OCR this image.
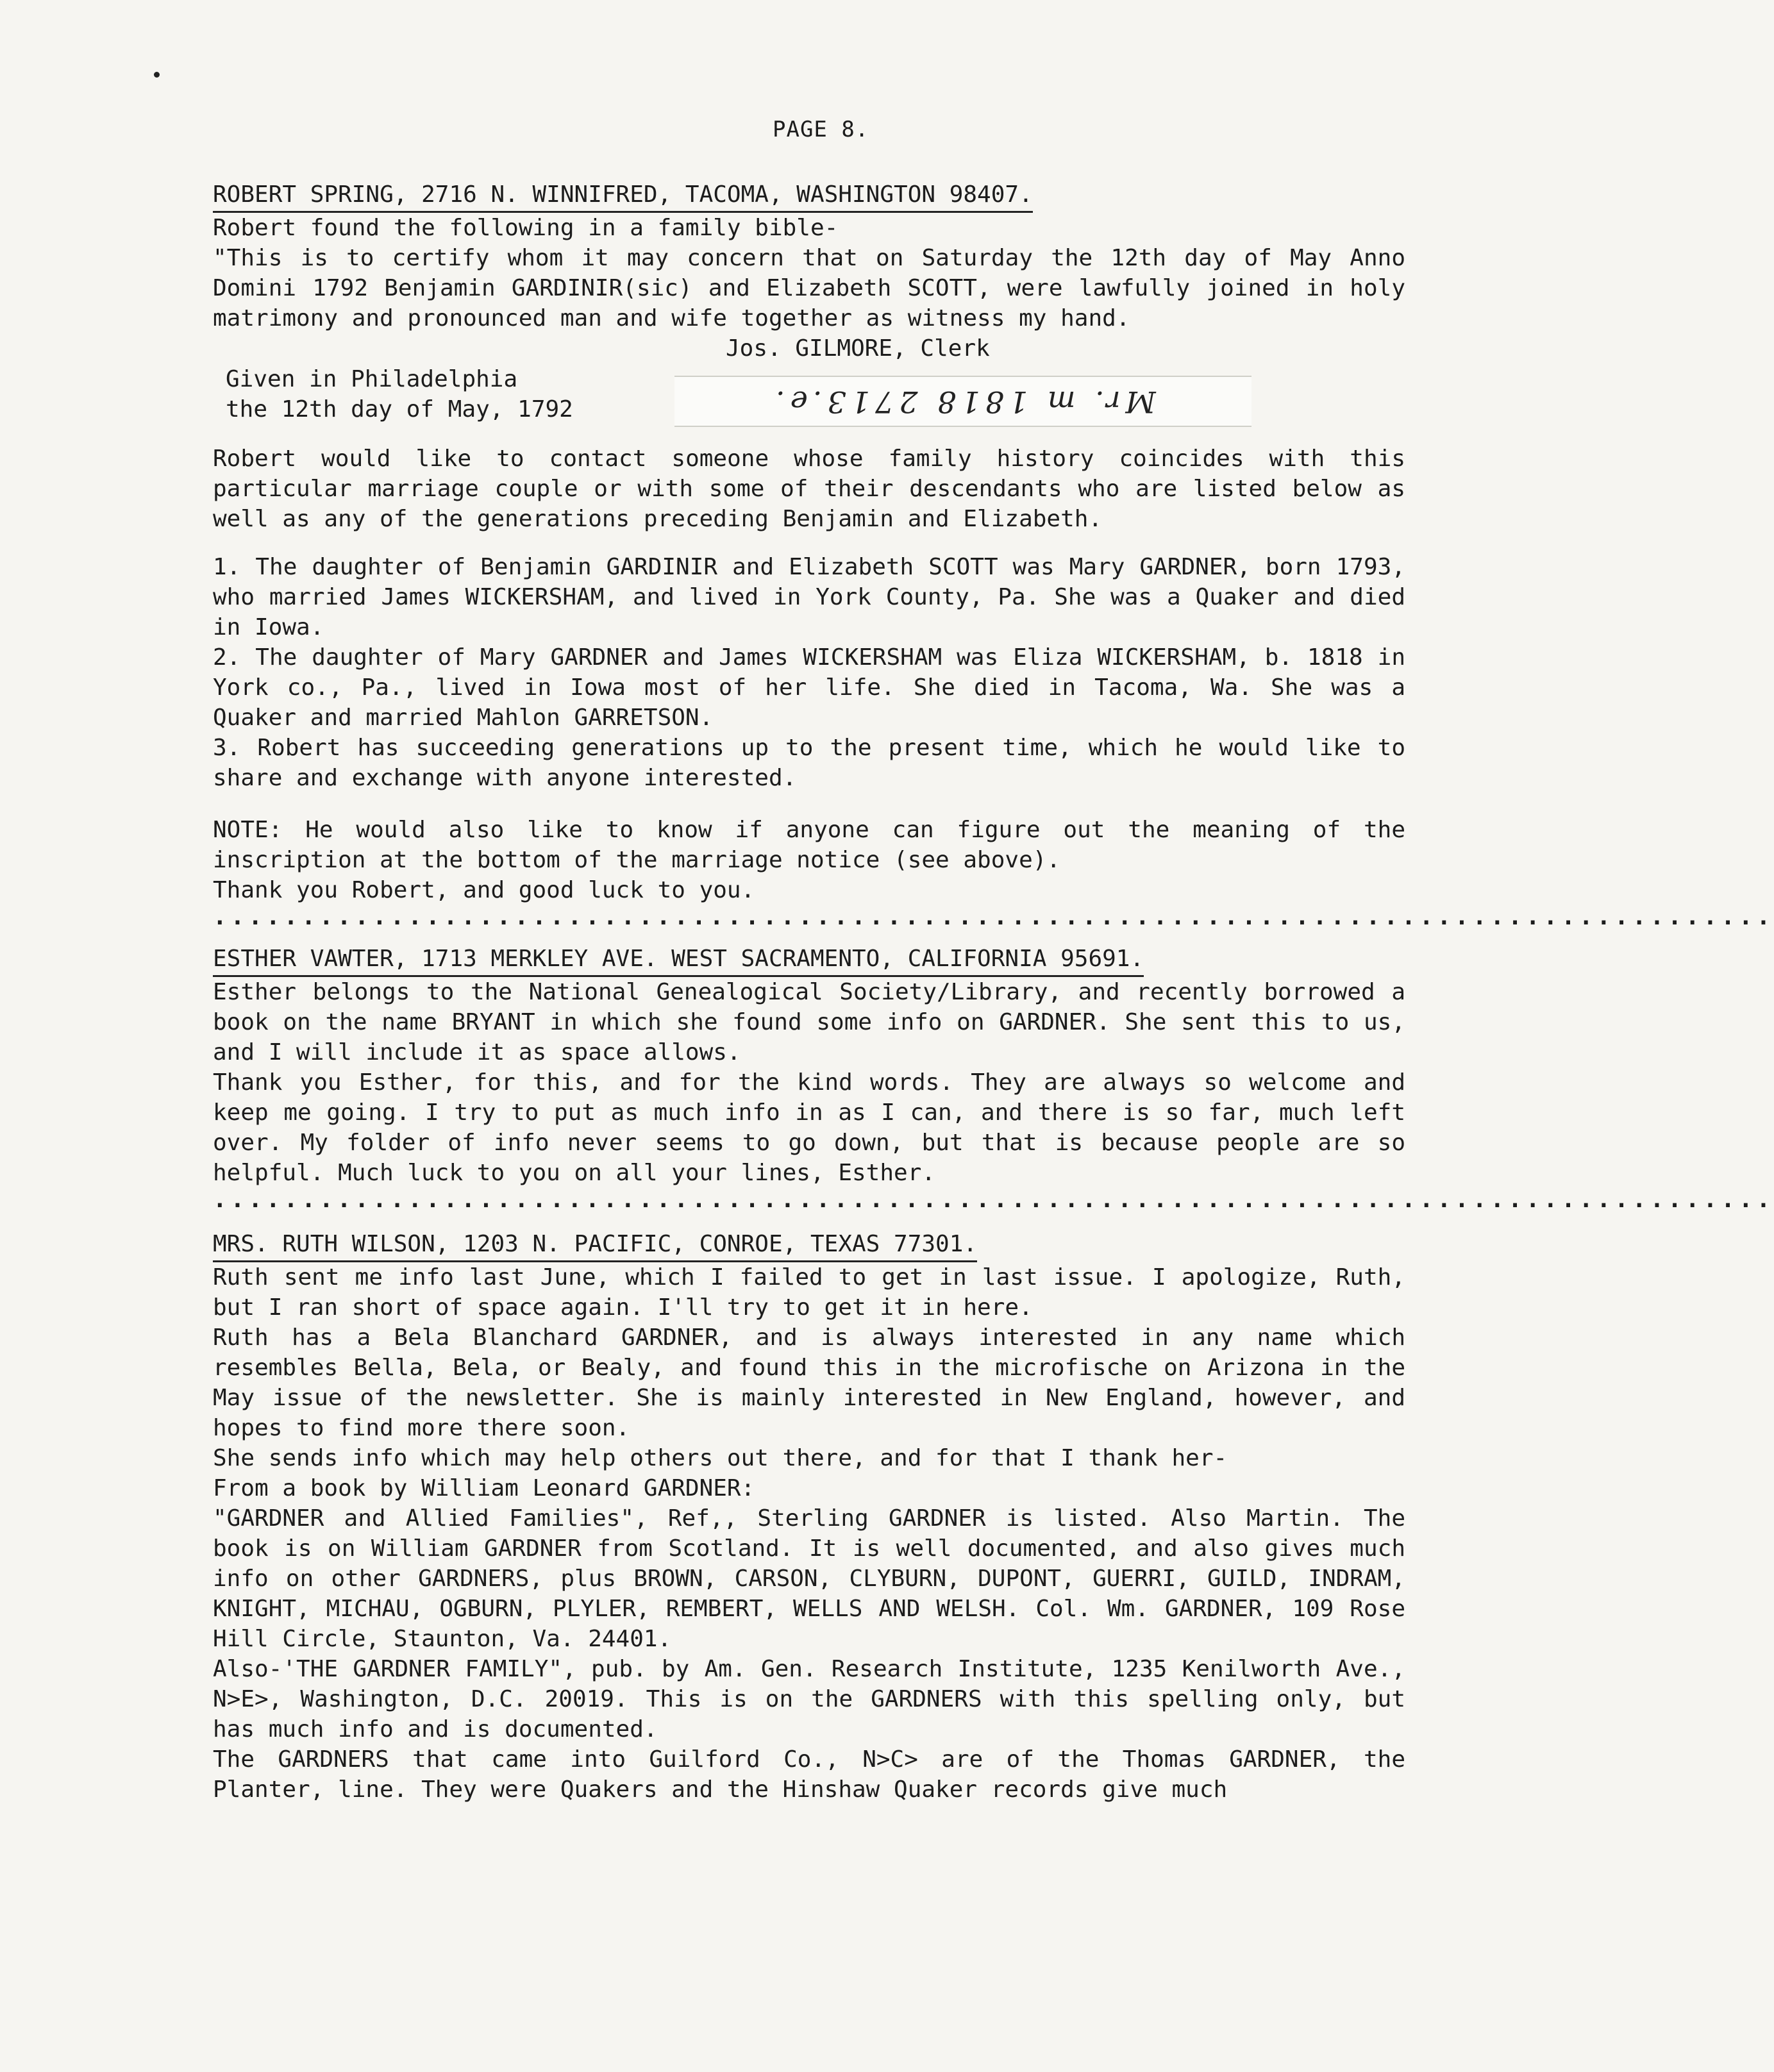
PAGE 8.
ROBERT SPRING, 2716 N. WINNIFRED, TACOMA, WASHINGTON 98407.

Robert found the following in a family bible-

"This is to certify whom it may concern that on Saturday the 12th day of May Anno Domini 1792 Benjamin GARDINIR(sic) and Elizabeth SCOTT, were lawfully joined in holy matrimony and pronounced man and wife together as witness my hand.

Jos. GILMORE, Clerk
Given in Philadelphia
the 12th day of May, 1792	Mr. m 1818 2713.e.

Robert would like to contact someone whose family history coincides with this particular marriage couple or with some of their descendants who are listed below as well as any of the generations preceding Benjamin and Elizabeth.

1. The daughter of Benjamin GARDINIR and Elizabeth SCOTT was Mary GARDNER, born 1793, who married James WICKERSHAM, and lived in York County, Pa. She was a Quaker and died in Iowa.

2. The daughter of Mary GARDNER and James WICKERSHAM was Eliza WICKERSHAM, b. 1818 in York co., Pa., lived in Iowa most of her life. She died in Tacoma, Wa. She was a Quaker and married Mahlon GARRETSON.

3. Robert has succeeding generations up to the present time, which he would like to share and exchange with anyone interested.

NOTE: He would also like to know if anyone can figure out the meaning of the inscription at the bottom of the marriage notice (see above).

Thank you Robert, and good luck to you.

........................................................................................
ESTHER VAWTER, 1713 MERKLEY AVE. WEST SACRAMENTO, CALIFORNIA 95691.

Esther belongs to the National Genealogical Society/Library, and recently borrowed a book on the name BRYANT in which she found some info on GARDNER. She sent this to us, and I will include it as space allows.

Thank you Esther, for this, and for the kind words. They are always so welcome and keep me going. I try to put as much info in as I can, and there is so far, much left over. My folder of info never seems to go down, but that is because people are so helpful. Much luck to you on all your lines, Esther.

........................................................................................
MRS. RUTH WILSON, 1203 N. PACIFIC, CONROE, TEXAS 77301.

Ruth sent me info last June, which I failed to get in last issue. I apologize, Ruth, but I ran short of space again. I'll try to get it in here.

Ruth has a Bela Blanchard GARDNER, and is always interested in any name which resembles Bella, Bela, or Bealy, and found this in the microfische on Arizona in the May issue of the newsletter. She is mainly interested in New England, however, and hopes to find more there soon.

She sends info which may help others out there, and for that I thank her-

From a book by William Leonard GARDNER:

"GARDNER and Allied Families", Ref,, Sterling GARDNER is listed. Also Martin. The book is on William GARDNER from Scotland. It is well documented, and also gives much info on other GARDNERS, plus BROWN, CARSON, CLYBURN, DUPONT, GUERRI, GUILD, INDRAM, KNIGHT, MICHAU, OGBURN, PLYLER, REMBERT, WELLS AND WELSH. Col. Wm. GARDNER, 109 Rose Hill Circle, Staunton, Va. 24401.

Also-'THE GARDNER FAMILY", pub. by Am. Gen. Research Institute, 1235 Kenilworth Ave., N>E>, Washington, D.C. 20019. This is on the GARDNERS with this spelling only, but has much info and is documented.

The GARDNERS that came into Guilford Co., N>C> are of the Thomas GARDNER, the Planter, line. They were Quakers and the Hinshaw Quaker records give much
